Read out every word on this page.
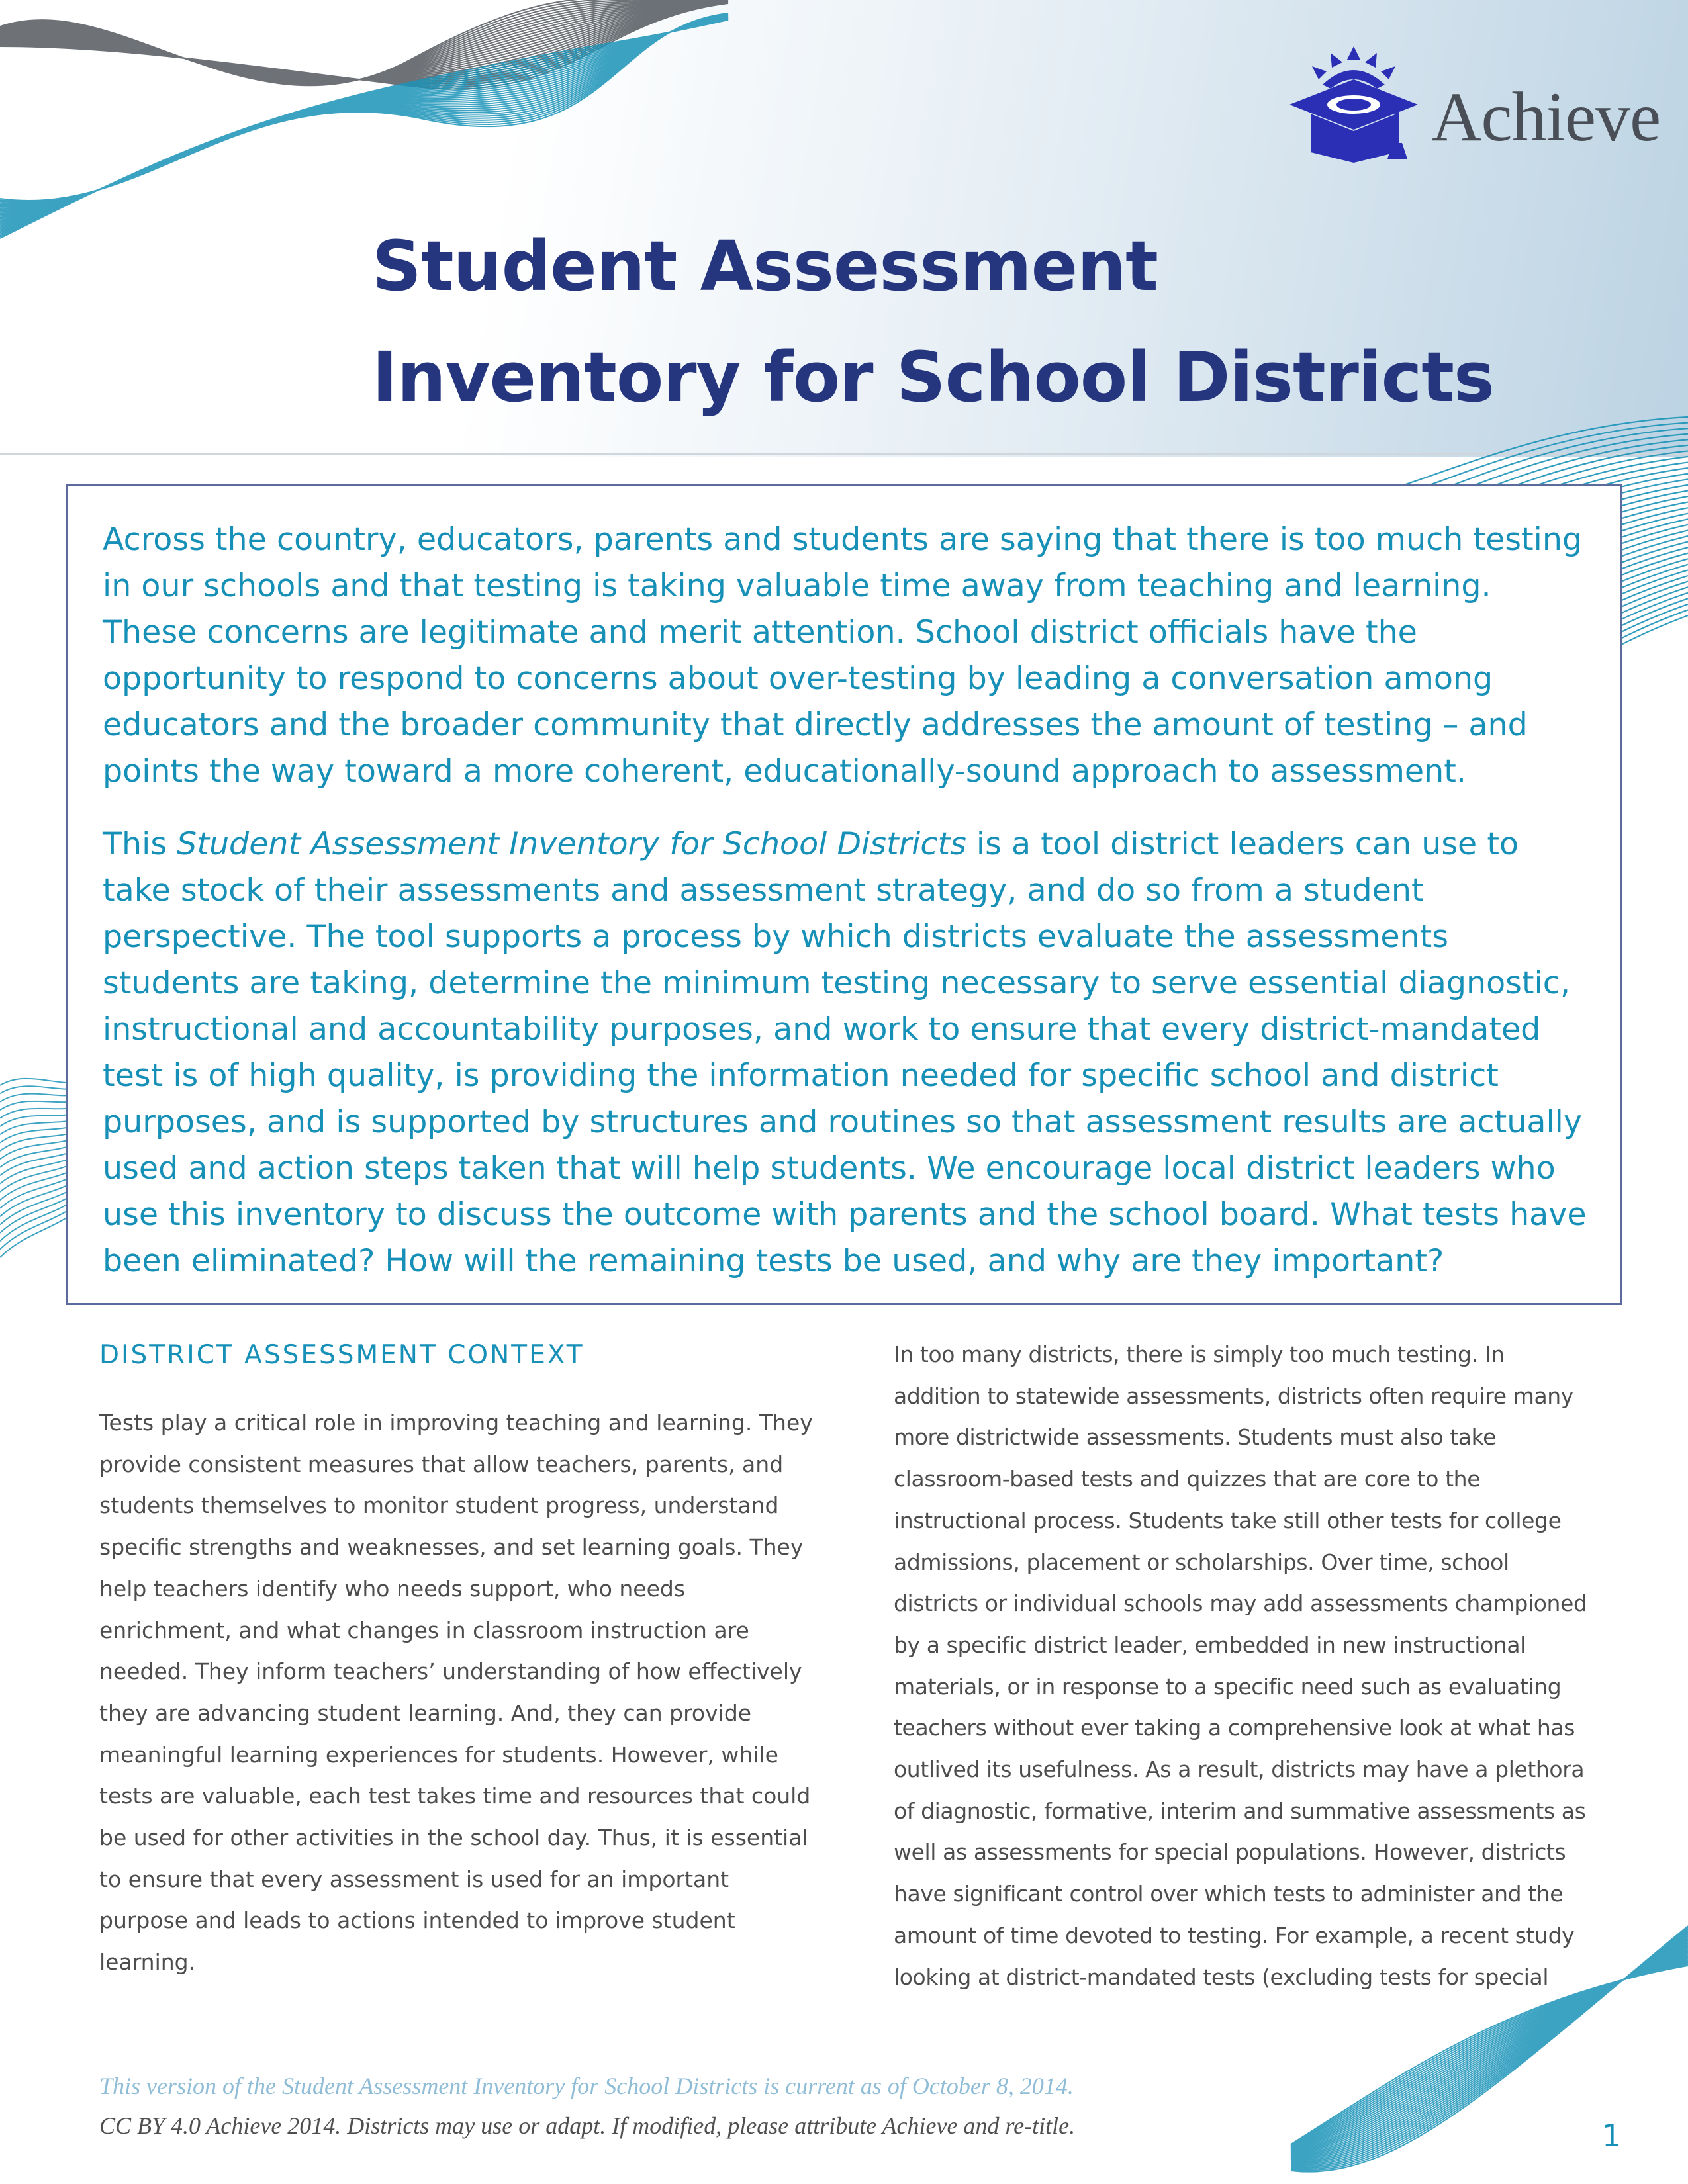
Achieve
Student Assessment
Inventory for School Districts

Across the country, educators, parents and students are saying that there is too much testing in our schools and that testing is taking valuable time away from teaching and learning. These concerns are legitimate and merit attention. School district officials have the opportunity to respond to concerns about over-testing by leading a conversation among educators and the broader community that directly addresses the amount of testing – and points the way toward a more coherent, educationally-sound approach to assessment.

This Student Assessment Inventory for School Districts is a tool district leaders can use to take stock of their assessments and assessment strategy, and do so from a student perspective. The tool supports a process by which districts evaluate the assessments students are taking, determine the minimum testing necessary to serve essential diagnostic, instructional and accountability purposes, and work to ensure that every district-mandated test is of high quality, is providing the information needed for specific school and district purposes, and is supported by structures and routines so that assessment results are actually used and action steps taken that will help students. We encourage local district leaders who use this inventory to discuss the outcome with parents and the school board. What tests have been eliminated? How will the remaining tests be used, and why are they important?

DISTRICT ASSESSMENT CONTEXT

Tests play a critical role in improving teaching and learning. They provide consistent measures that allow teachers, parents, and students themselves to monitor student progress, understand specific strengths and weaknesses, and set learning goals. They help teachers identify who needs support, who needs enrichment, and what changes in classroom instruction are needed. They inform teachers’ understanding of how effectively they are advancing student learning. And, they can provide meaningful learning experiences for students. However, while tests are valuable, each test takes time and resources that could be used for other activities in the school day. Thus, it is essential to ensure that every assessment is used for an important purpose and leads to actions intended to improve student learning.

In too many districts, there is simply too much testing. In addition to statewide assessments, districts often require many more districtwide assessments. Students must also take classroom-based tests and quizzes that are core to the instructional process. Students take still other tests for college admissions, placement or scholarships. Over time, school districts or individual schools may add assessments championed by a specific district leader, embedded in new instructional materials, or in response to a specific need such as evaluating teachers without ever taking a comprehensive look at what has outlived its usefulness. As a result, districts may have a plethora of diagnostic, formative, interim and summative assessments as well as assessments for special populations. However, districts have significant control over which tests to administer and the amount of time devoted to testing. For example, a recent study looking at district-mandated tests (excluding tests for special

This version of the Student Assessment Inventory for School Districts is current as of October 8, 2014.
CC BY 4.0 Achieve 2014. Districts may use or adapt. If modified, please attribute Achieve and re-title.	1
